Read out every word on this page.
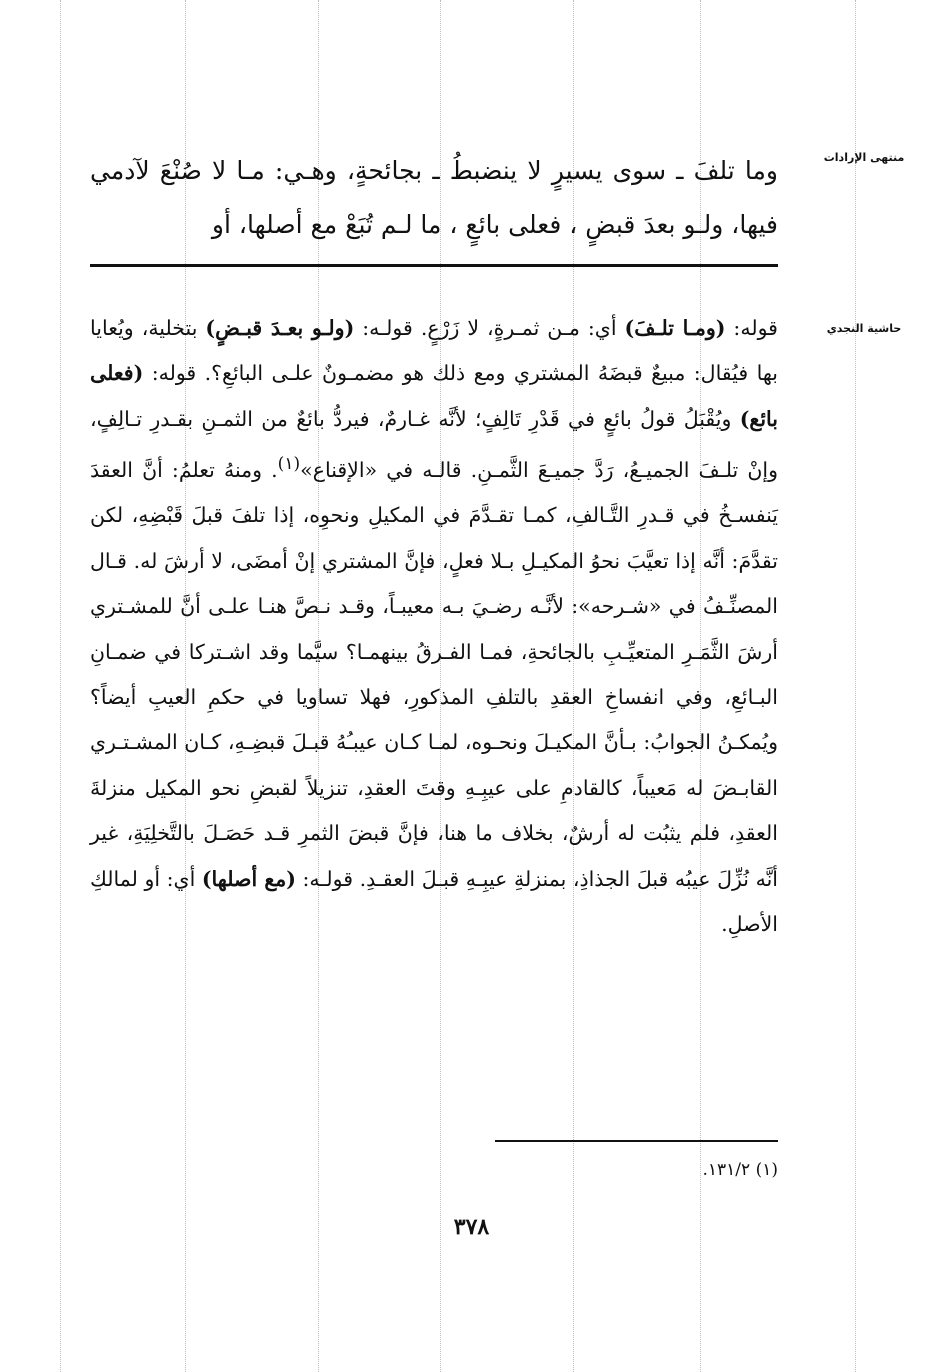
منتهى الإرادات
وما تلفَ ـ سوى يسيرٍ لا ينضبطُ ـ بجائحةٍ، وهـي: مـا لا صُنْعَ لآدمي فيها، ولـو بعدَ قبضٍ ، فعلى بائعٍ ، ما لـم تُبَعْ مع أصلها، أو
حاشية النجدي
قوله: (ومـا تلـفَ) أي: مـن ثمـرةٍ، لا زَرْعٍ. قولـه: (ولـو بعـدَ قبـضٍ) بتخلية، ويُعايا بها فيُقال: مبيعٌ قبضَهُ المشتري ومع ذلك هو مضمـونٌ علـى البائعِ؟. قوله: (فعلى بائع) ويُقْبَلُ قولُ بائعٍ في قَدْرِ تَالِفٍ؛ لأنَّه غـارمٌ، فيردُّ بائعٌ من الثمـنِ بقـدرِ تـالِفٍ، وإنْ تلـفَ الجميـعُ، رَدَّ جميـعَ الثَّمـنِ. قالـه في «الإقناع»$^{(١)}$. ومنهُ تعلمُ: أنَّ العقدَ يَنفسـخُ في قـدرِ التَّـالفِ، كمـا تقـدَّمَ في المكيلِ ونحوِه، إذا تلفَ قبلَ قَبْضِهِ، لكن تقدَّمَ: أنَّه إذا تعيَّبَ نحوُ المكيـلِ بـلا فعلٍ، فإنَّ المشتري إنْ أمضَى، لا أرشَ له. قـال المصنِّـفُ في «شـرحه»: لأنَّـه رضـيَ بـه معيبـاً، وقـد نـصَّ هنـا علـى أنَّ للمشـتري أرشَ الثَّمَـرِ المتعيِّـبِ بالجائحةِ، فمـا الفـرقُ بينهمـا؟ سيَّما وقد اشـتركا في ضمـانِ البـائعِ، وفي انفساخِ العقدِ بالتلفِ المذكورِ، فهلا تساويا في حكمِ العيبِ أيضاً؟ ويُمكـنُ الجوابُ: بـأنَّ المكيـلَ ونحـوه، لمـا كـان عيبـُهُ قبـلَ قبضِـهِ، كـان المشـتـري القابـضَ له مَعيباً، كالقادمِ على عيبِـهِ وقتَ العقدِ، تنزيلاً لقبضِ نحو المكيل منزلةَ العقدِ، فلم يثبُت له أرشٌ، بخلاف ما هنا، فإنَّ قبضَ الثمرِ قـد حَصَـلَ بالتَّخلِيَةِ، غير أنَّه نُزِّلَ عيبُه قبلَ الجذاذِ، بمنزلةِ عيبِـهِ قبـلَ العقـدِ. قولـه: (مع أصلها) أي: أو لمالكِ الأصلِ.
(١) ١٣١/٢.
٣٧٨
